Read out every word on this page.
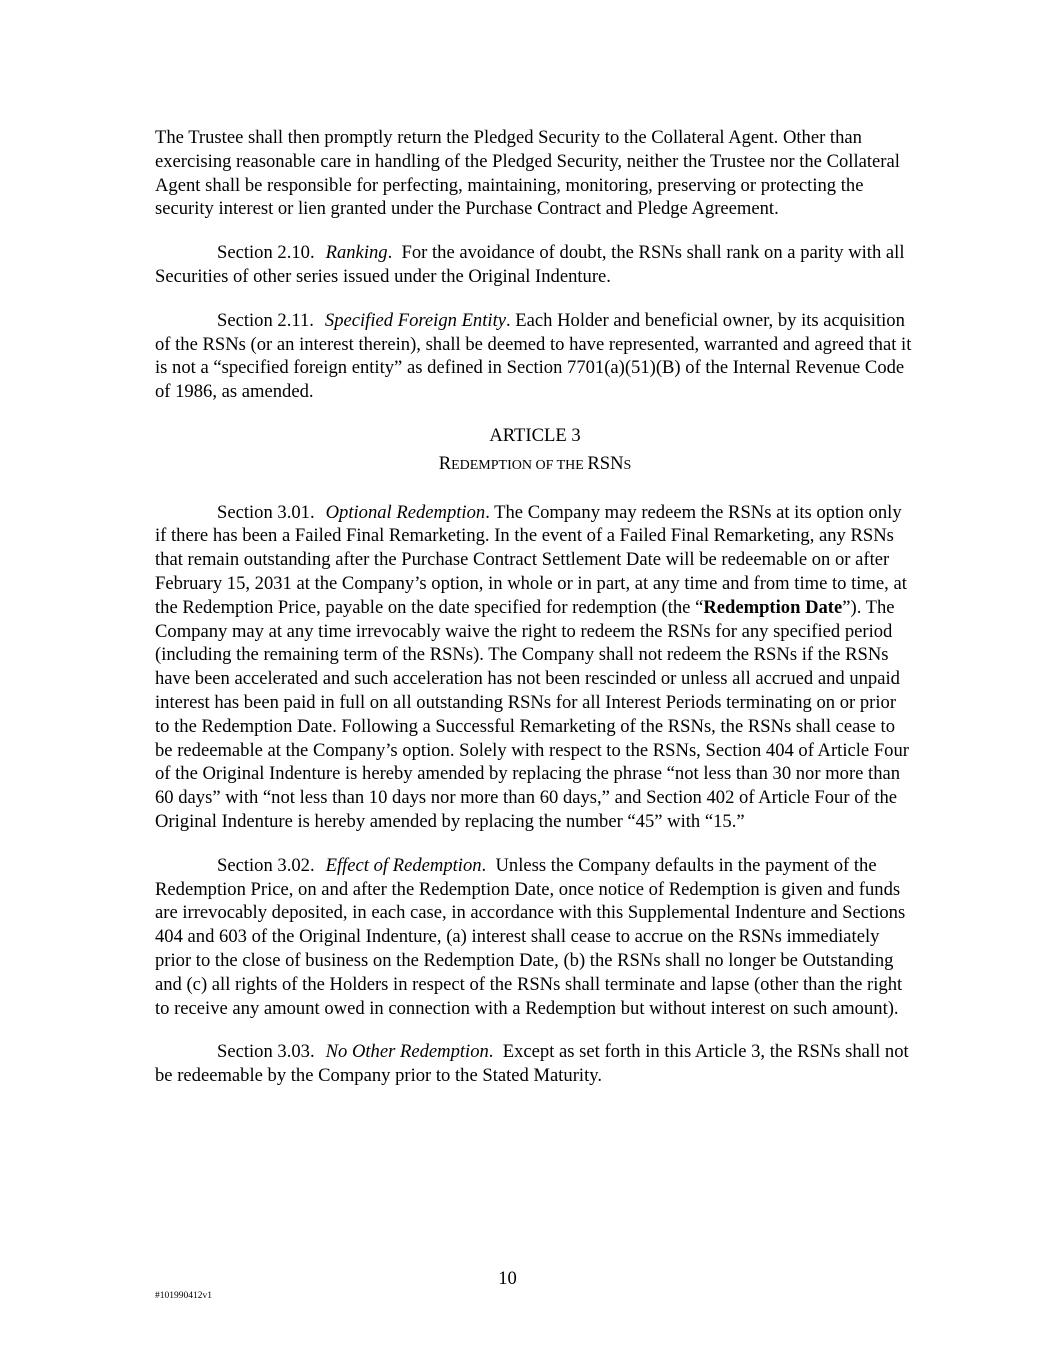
The Trustee shall then promptly return the Pledged Security to the Collateral Agent. Other than exercising reasonable care in handling of the Pledged Security, neither the Trustee nor the Collateral Agent shall be responsible for perfecting, maintaining, monitoring, preserving or protecting the security interest or lien granted under the Purchase Contract and Pledge Agreement.

Section 2.10. Ranking.  For the avoidance of doubt, the RSNs shall rank on a parity with all Securities of other series issued under the Original Indenture.

Section 2.11. Specified Foreign Entity. Each Holder and beneficial owner, by its acquisition of the RSNs (or an interest therein), shall be deemed to have represented, warranted and agreed that it is not a “specified foreign entity” as defined in Section 7701(a)(51)(B) of the Internal Revenue Code of 1986, as amended.

ARTICLE 3

REDEMPTION OF THE RSNS

Section 3.01. Optional Redemption. The Company may redeem the RSNs at its option only if there has been a Failed Final Remarketing. In the event of a Failed Final Remarketing, any RSNs that remain outstanding after the Purchase Contract Settlement Date will be redeemable on or after February 15, 2031 at the Company’s option, in whole or in part, at any time and from time to time, at the Redemption Price, payable on the date specified for redemption (the “Redemption Date”). The Company may at any time irrevocably waive the right to redeem the RSNs for any specified period (including the remaining term of the RSNs). The Company shall not redeem the RSNs if the RSNs have been accelerated and such acceleration has not been rescinded or unless all accrued and unpaid interest has been paid in full on all outstanding RSNs for all Interest Periods terminating on or prior to the Redemption Date. Following a Successful Remarketing of the RSNs, the RSNs shall cease to be redeemable at the Company’s option. Solely with respect to the RSNs, Section 404 of Article Four of the Original Indenture is hereby amended by replacing the phrase “not less than 30 nor more than 60 days” with “not less than 10 days nor more than 60 days,” and Section 402 of Article Four of the Original Indenture is hereby amended by replacing the number “45” with “15.”

Section 3.02. Effect of Redemption.  Unless the Company defaults in the payment of the Redemption Price, on and after the Redemption Date, once notice of Redemption is given and funds are irrevocably deposited, in each case, in accordance with this Supplemental Indenture and Sections 404 and 603 of the Original Indenture, (a) interest shall cease to accrue on the RSNs immediately prior to the close of business on the Redemption Date, (b) the RSNs shall no longer be Outstanding and (c) all rights of the Holders in respect of the RSNs shall terminate and lapse (other than the right to receive any amount owed in connection with a Redemption but without interest on such amount).

Section 3.03. No Other Redemption.  Except as set forth in this Article 3, the RSNs shall not be redeemable by the Company prior to the Stated Maturity.

10
#101990412v1
